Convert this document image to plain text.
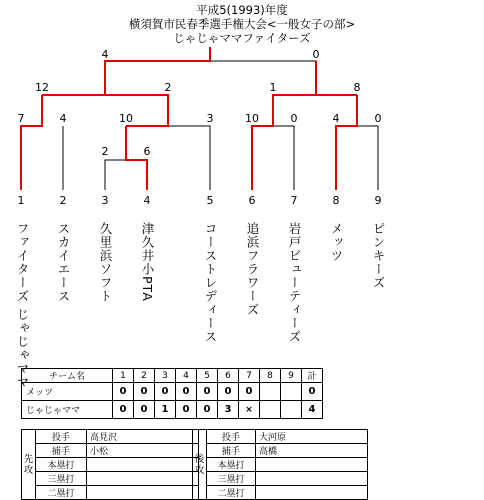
平成5(1993)年度
横須賀市民春季選手権大会<一般女子の部>
じゃじゃママファイターズ
4	0
12	2	1	8
7	4	10	3	10	0	4	0
2	6
1	2	3	4	5	6	7	8	9
ファイターズ じゃじゃママ スカイエース 久里浜ソフト 津久井小PTA	コーストレディース 追浜フラワーズ 岩戸ビューティーズ メッツ ピンキーズ
チーム名	1	2	3	4	5	6	7	8	9	計
メッツ	0	0	0	0	0	0	0			0
じゃじゃママ	0	0	1	0	0	3	×			4
先攻	投手	高見沢
	捕手	小松
	本塁打	
	三塁打	
	二塁打	
後攻	投手	大河原
	捕手	高橋
	本塁打	
	三塁打	
	二塁打	
